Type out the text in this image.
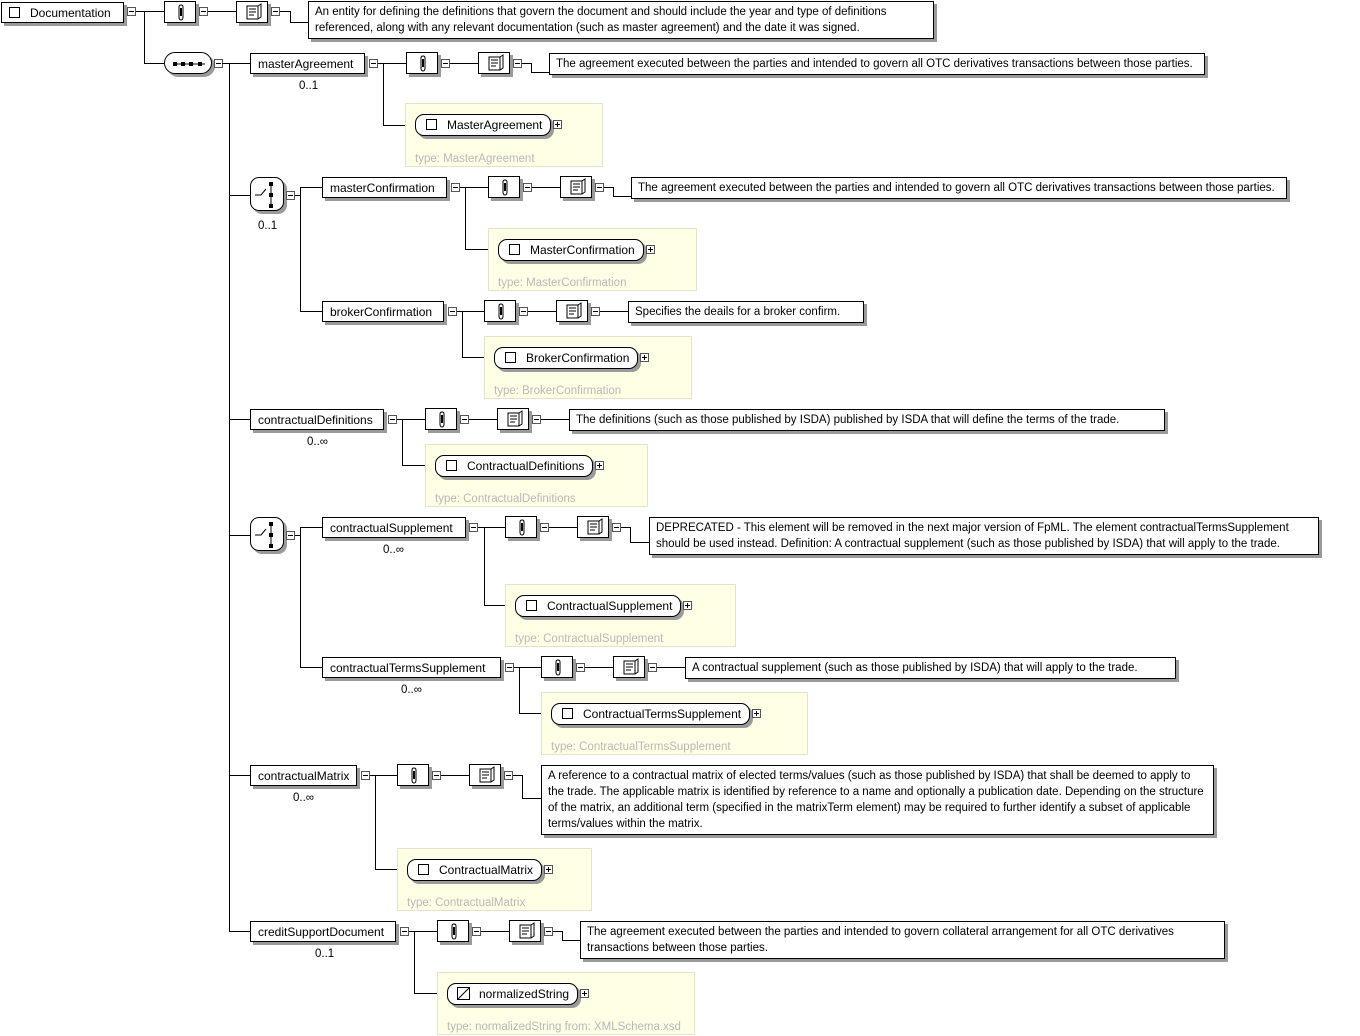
Documentation	An entity for defining the definitions that govern the document and should include the year and type of definitions referenced, along with any relevant documentation (such as master agreement) and the date it was signed.
masterAgreement
0..1
The agreement executed between the parties and intended to govern all OTC derivatives transactions between those parties.
MasterAgreement
type: MasterAgreement
0..1
masterConfirmation	The agreement executed between the parties and intended to govern all OTC derivatives transactions between those parties.
MasterConfirmation
type: MasterConfirmation
brokerConfirmation	Specifies the deails for a broker confirm.
BrokerConfirmation
type: BrokerConfirmation
contractualDefinitions
0..∞
The definitions (such as those published by ISDA) published by ISDA that will define the terms of the trade.
ContractualDefinitions
type: ContractualDefinitions
contractualSupplement
0..∞
DEPRECATED - This element will be removed in the next major version of FpML. The element contractualTermsSupplement should be used instead. Definition: A contractual supplement (such as those published by ISDA) that will apply to the trade.
ContractualSupplement
type: ContractualSupplement
contractualTermsSupplement
0..∞
A contractual supplement (such as those published by ISDA) that will apply to the trade.
ContractualTermsSupplement
type: ContractualTermsSupplement
contractualMatrix
0..∞
A reference to a contractual matrix of elected terms/values (such as those published by ISDA) that shall be deemed to apply to the trade. The applicable matrix is identified by reference to a name and optionally a publication date. Depending on the structure of the matrix, an additional term (specified in the matrixTerm element) may be required to further identify a subset of applicable terms/values within the matrix.
ContractualMatrix
type: ContractualMatrix
creditSupportDocument
0..1
The agreement executed between the parties and intended to govern collateral arrangement for all OTC derivatives transactions between those parties.
normalizedString
type: normalizedString from: XMLSchema.xsd
